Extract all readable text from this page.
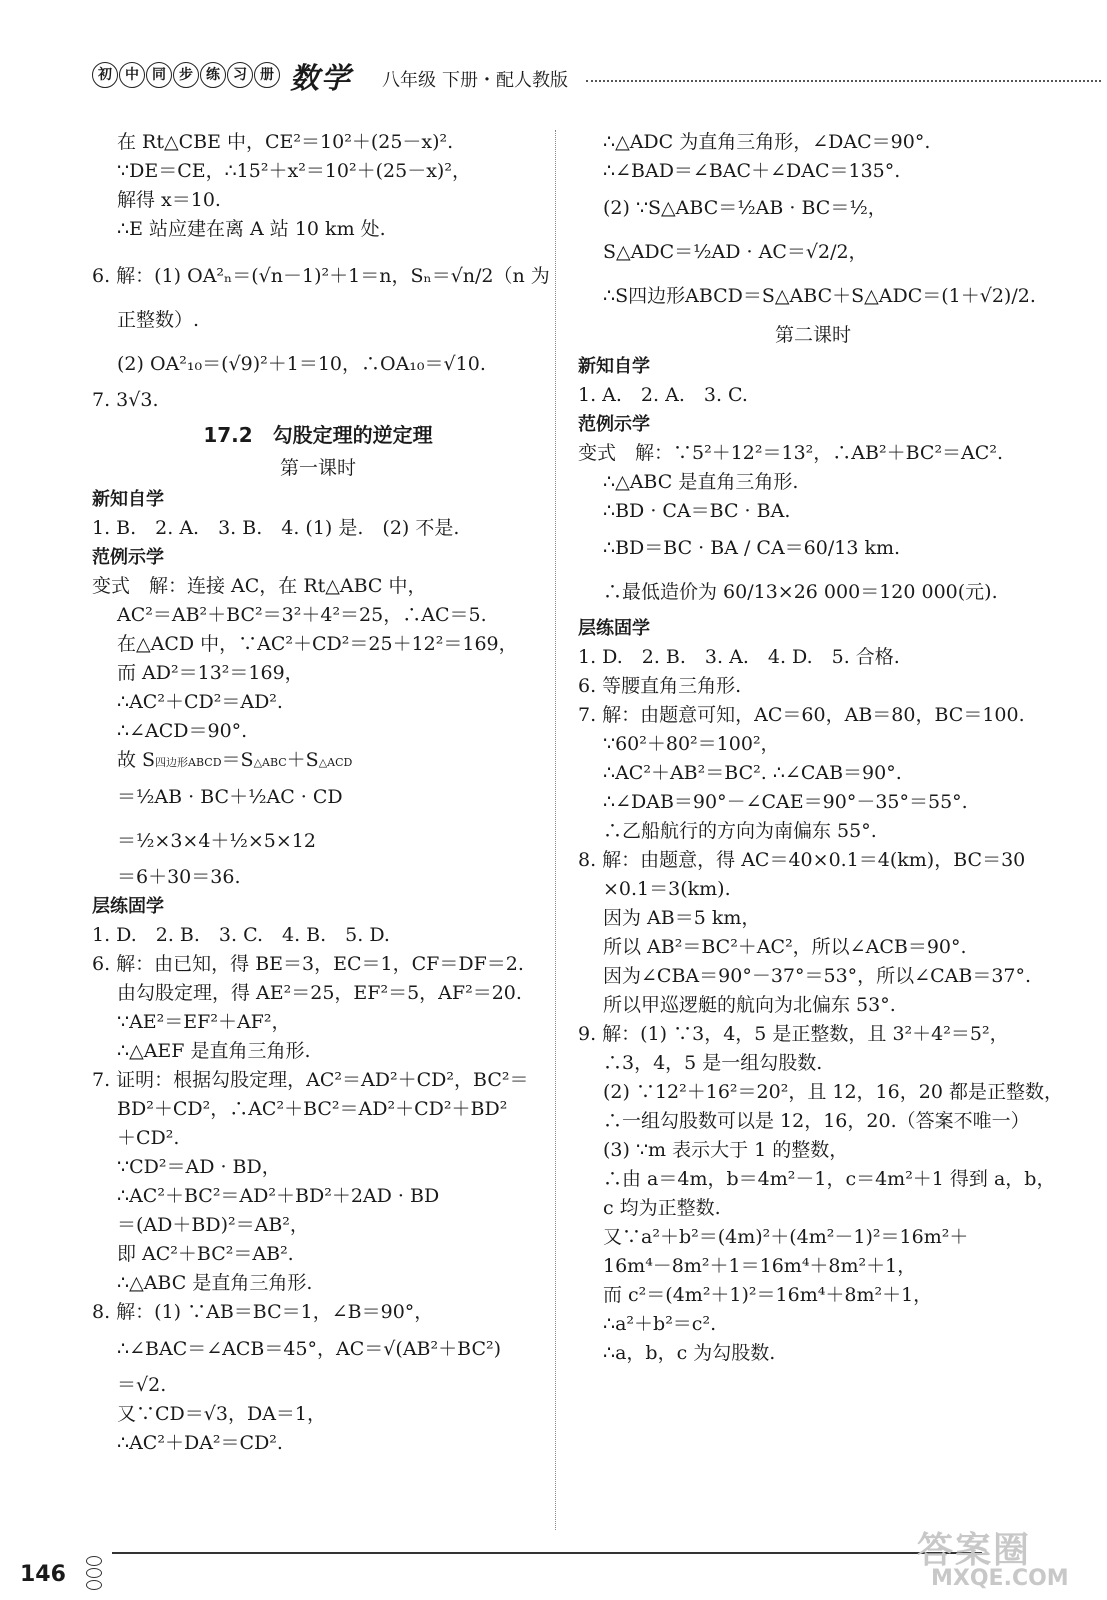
初 中 同 步 练 习 册 数学 八年级 下册・配人教版
在 Rt△CBE 中，CE²＝10²＋(25－x)².
∵DE＝CE，∴15²＋x²＝10²＋(25－x)²，
解得 x＝10.
∴E 站应建在离 A 站 10 km 处.
6. 解：(1) OA²ₙ＝(√n－1)²＋1＝n，Sₙ＝√n/2（n 为
正整数）.
(2) OA²₁₀＝(√9)²＋1＝10，∴OA₁₀＝√10.
7. 3√3.
17.2　勾股定理的逆定理
第一课时
新知自学
1. B.　2. A.　3. B.　4. (1) 是.　(2) 不是.
范例示学
变式　解：连接 AC，在 Rt△ABC 中，
AC²＝AB²＋BC²＝3²＋4²＝25，∴AC＝5.
在△ACD 中，∵AC²＋CD²＝25＋12²＝169，
而 AD²＝13²＝169，
∴AC²＋CD²＝AD².
∴∠ACD＝90°.
故 S四边形ABCD＝S△ABC＋S△ACD
＝½AB · BC＋½AC · CD
＝½×3×4＋½×5×12
＝6＋30＝36.
层练固学
1. D.　2. B.　3. C.　4. B.　5. D.
6. 解：由已知，得 BE＝3，EC＝1，CF＝DF＝2.
由勾股定理，得 AE²＝25，EF²＝5，AF²＝20.
∵AE²＝EF²＋AF²，
∴△AEF 是直角三角形.
7. 证明：根据勾股定理，AC²＝AD²＋CD²，BC²＝
BD²＋CD²，∴AC²＋BC²＝AD²＋CD²＋BD²
＋CD².
∵CD²＝AD · BD，
∴AC²＋BC²＝AD²＋BD²＋2AD · BD
＝(AD＋BD)²＝AB²，
即 AC²＋BC²＝AB².
∴△ABC 是直角三角形.
8. 解：(1) ∵AB＝BC＝1，∠B＝90°，
∴∠BAC＝∠ACB＝45°，AC＝√(AB²＋BC²)
＝√2.
又∵CD＝√3，DA＝1，
∴AC²＋DA²＝CD².
∴△ADC 为直角三角形，∠DAC＝90°.
∴∠BAD＝∠BAC＋∠DAC＝135°.
(2) ∵S△ABC＝½AB · BC＝½，
S△ADC＝½AD · AC＝√2/2，
∴S四边形ABCD＝S△ABC＋S△ADC＝(1＋√2)/2.
第二课时
新知自学
1. A.　2. A.　3. C.
范例示学
变式　解：∵5²＋12²＝13²，∴AB²＋BC²＝AC².
∴△ABC 是直角三角形.
∴BD · CA＝BC · BA.
∴BD＝BC · BA / CA＝60/13 km.
∴最低造价为 60/13×26 000＝120 000(元).
层练固学
1. D.　2. B.　3. A.　4. D.　5. 合格.
6. 等腰直角三角形.
7. 解：由题意可知，AC＝60，AB＝80，BC＝100.
∵60²＋80²＝100²，
∴AC²＋AB²＝BC². ∴∠CAB＝90°.
∴∠DAB＝90°－∠CAE＝90°－35°＝55°.
∴乙船航行的方向为南偏东 55°.
8. 解：由题意，得 AC＝40×0.1＝4(km)，BC＝30
×0.1＝3(km).
因为 AB＝5 km，
所以 AB²＝BC²＋AC²，所以∠ACB＝90°.
因为∠CBA＝90°－37°＝53°，所以∠CAB＝37°.
所以甲巡逻艇的航向为北偏东 53°.
9. 解：(1) ∵3，4，5 是正整数，且 3²＋4²＝5²，
∴3，4，5 是一组勾股数.
(2) ∵12²＋16²＝20²，且 12，16，20 都是正整数，
∴一组勾股数可以是 12，16，20.（答案不唯一）
(3) ∵m 表示大于 1 的整数，
∴由 a＝4m，b＝4m²－1，c＝4m²＋1 得到 a，b，
c 均为正整数.
又∵a²＋b²＝(4m)²＋(4m²－1)²＝16m²＋
16m⁴－8m²＋1＝16m⁴＋8m²＋1，
而 c²＝(4m²＋1)²＝16m⁴＋8m²＋1，
∴a²＋b²＝c².
∴a，b，c 为勾股数.
146
答案圈
MXQE.COM
